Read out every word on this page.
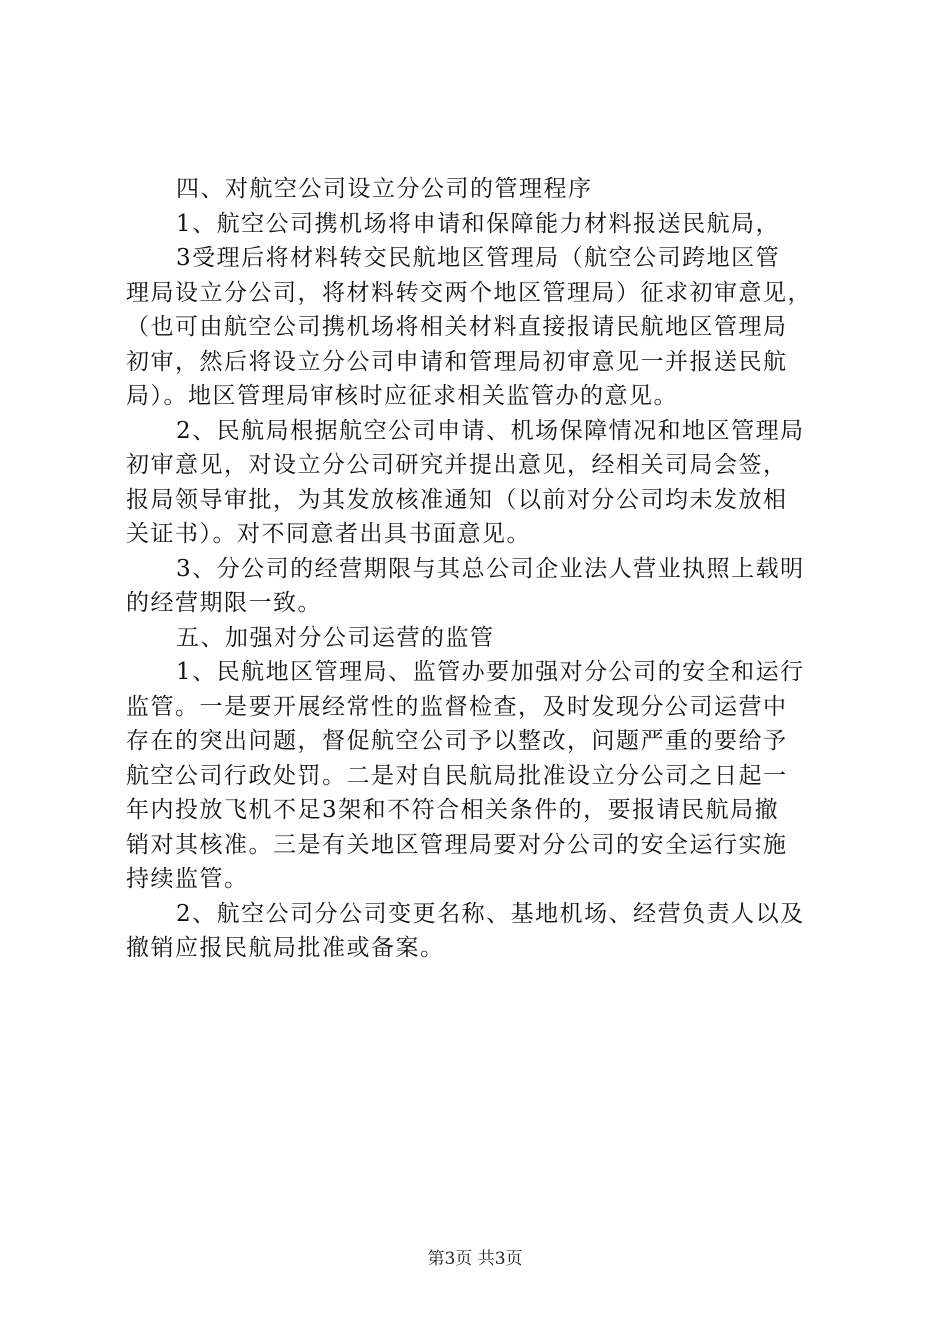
四、对航空公司设立分公司的管理程序
1、航空公司携机场将申请和保障能力材料报送民航局，
3受理后将材料转交民航地区管理局（航空公司跨地区管
理局设立分公司，将材料转交两个地区管理局）征求初审意见，
（也可由航空公司携机场将相关材料直接报请民航地区管理局
初审，然后将设立分公司申请和管理局初审意见一并报送民航
局）。地区管理局审核时应征求相关监管办的意见。
2、民航局根据航空公司申请、机场保障情况和地区管理局
初审意见，对设立分公司研究并提出意见，经相关司局会签，
报局领导审批，为其发放核准通知（以前对分公司均未发放相
关证书）。对不同意者出具书面意见。
3、分公司的经营期限与其总公司企业法人营业执照上载明
的经营期限一致。
五、加强对分公司运营的监管
1、民航地区管理局、监管办要加强对分公司的安全和运行
监管。一是要开展经常性的监督检查，及时发现分公司运营中
存在的突出问题，督促航空公司予以整改，问题严重的要给予
航空公司行政处罚。二是对自民航局批准设立分公司之日起一
年内投放飞机不足3架和不符合相关条件的，要报请民航局撤
销对其核准。三是有关地区管理局要对分公司的安全运行实施
持续监管。
2、航空公司分公司变更名称、基地机场、经营负责人以及
撤销应报民航局批准或备案。
第3页 共3页
